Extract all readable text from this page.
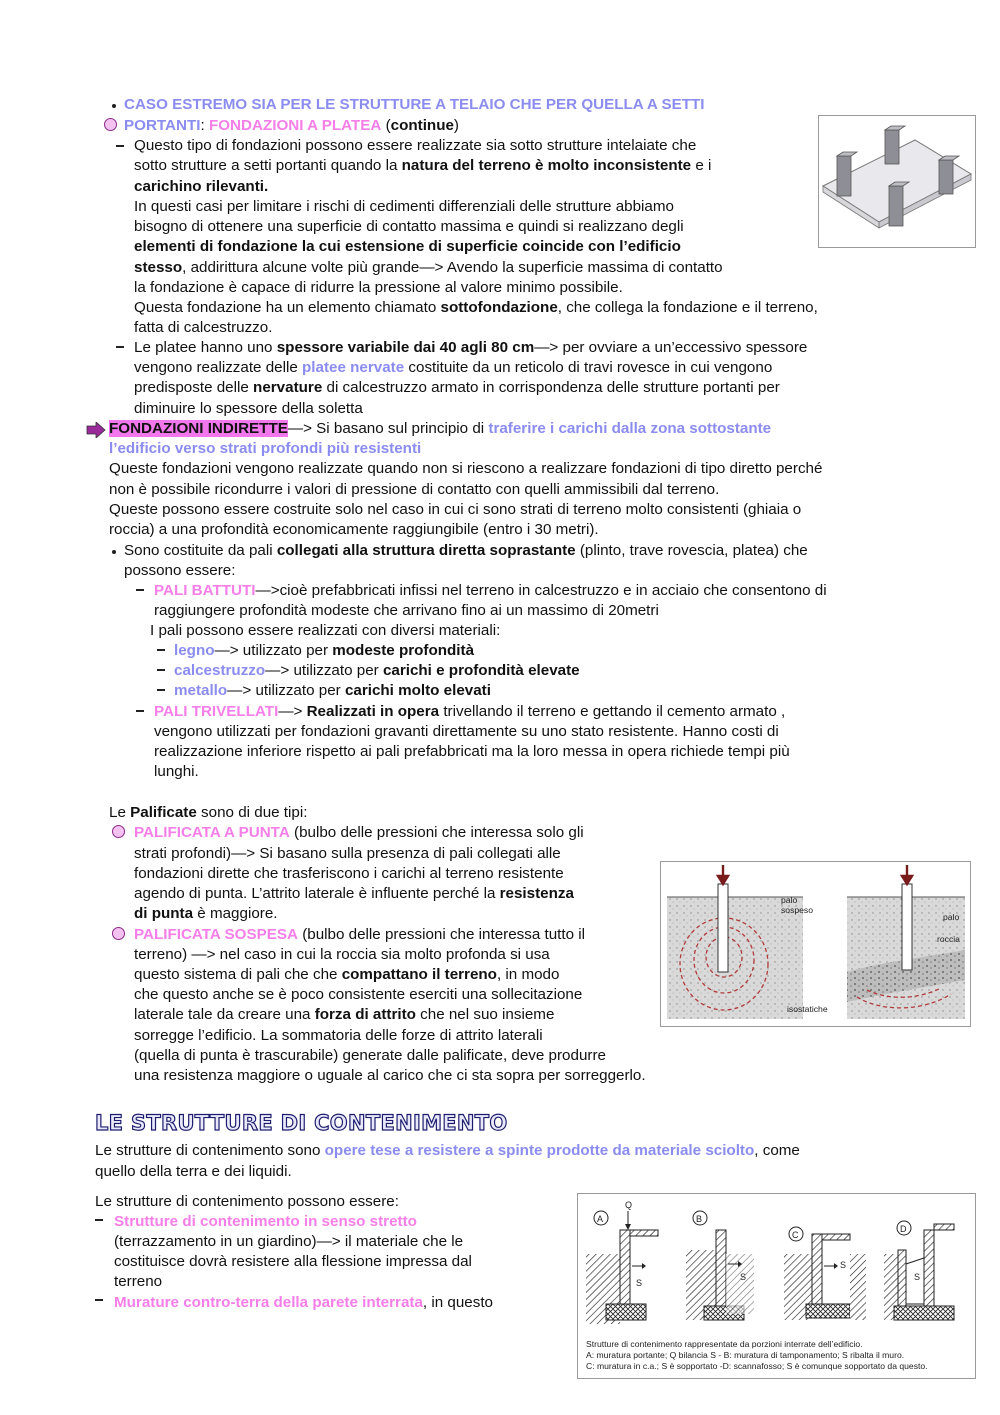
CASO ESTREMO SIA PER LE STRUTTURE A TELAIO CHE PER QUELLA A SETTI
PORTANTI: FONDAZIONI A PLATEA (continue)
Questo tipo di fondazioni possono essere realizzate sia sotto strutture intelaiate che
sotto strutture a setti portanti quando la natura del terreno è molto inconsistente e i
carichino rilevanti.
In questi casi per limitare i rischi di cedimenti differenziali delle strutture abbiamo
bisogno di ottenere una superficie di contatto massima e quindi si realizzano degli
elementi di fondazione la cui estensione di superficie coincide con l’edificio
stesso, addirittura alcune volte più grande—> Avendo la superficie massima di contatto
la fondazione è capace di ridurre la pressione al valore minimo possibile.
Questa fondazione ha un elemento chiamato sottofondazione, che collega la fondazione e il terreno,
fatta di calcestruzzo.
Le platee hanno uno spessore variabile dai 40 agli 80 cm—> per ovviare a un’eccessivo spessore
vengono realizzate delle platee nervate costituite da un reticolo di travi rovesce in cui vengono
predisposte delle nervature di calcestruzzo armato in corrispondenza delle strutture portanti per
diminuire lo spessore della soletta
FONDAZIONI INDIRETTE—> Si basano sul principio di traferire i carichi dalla zona sottostante
l’edificio verso strati profondi più resistenti
Queste fondazioni vengono realizzate quando non si riescono a realizzare fondazioni di tipo diretto perché
non è possibile ricondurre i valori di pressione di contatto con quelli ammissibili dal terreno.
Queste possono essere costruite solo nel caso in cui ci sono strati di terreno molto consistenti (ghiaia o
roccia) a una profondità economicamente raggiungibile (entro i 30 metri).
Sono costituite da pali collegati alla struttura diretta soprastante (plinto, trave rovescia, platea) che
possono essere:
PALI BATTUTI—>cioè prefabbricati infissi nel terreno in calcestruzzo e in acciaio che consentono di
raggiungere profondità modeste che arrivano fino ai un massimo di 20metri
I pali possono essere realizzati con diversi materiali:
legno—> utilizzato per modeste profondità
calcestruzzo—> utilizzato per carichi e profondità elevate
metallo—> utilizzato per carichi molto elevati
PALI TRIVELLATI—> Realizzati in opera trivellando il terreno e gettando il cemento armato ,
vengono utilizzati per fondazioni gravanti direttamente su uno stato resistente. Hanno costi di
realizzazione inferiore rispetto ai pali prefabbricati ma la loro messa in opera richiede tempi più
lunghi.
Le Palificate sono di due tipi:
PALIFICATA A PUNTA (bulbo delle pressioni che interessa solo gli
strati profondi)—> Si basano sulla presenza di pali collegati alle
fondazioni dirette che trasferiscono i carichi al terreno resistente
agendo di punta. L’attrito laterale è influente perché la resistenza
di punta è maggiore.
PALIFICATA SOSPESA (bulbo delle pressioni che interessa tutto il
terreno) —> nel caso in cui la roccia sia molto profonda si usa
questo sistema di pali che che compattano il terreno, in modo
che questo anche se è poco consistente eserciti una sollecitazione
laterale tale da creare una forza di attrito che nel suo insieme
sorregge l’edificio. La sommatoria delle forze di attrito laterali
(quella di punta è trascurabile) generate dalle palificate, deve produrre
una resistenza maggiore o uguale al carico che ci sta sopra per sorreggerlo.
palo
sospeso
palo
roccia
isostatiche
LE STRUTTURE DI CONTENIMENTO
Le strutture di contenimento sono opere tese a resistere a spinte prodotte da materiale sciolto, come
quello della terra e dei liquidi.
Le strutture di contenimento possono essere:
Strutture di contenimento in senso stretto
(terrazzamento in un giardino)—> il materiale che le
costituisce dovrà resistere alla flessione impressa dal
terreno
Murature contro-terra della parete interrata, in questo
A
Q
S
B
S
C
S
D
S
Strutture di contenimento rappresentate da porzioni interrate dell’edificio.
A: muratura portante; Q bilancia S - B: muratura di tamponamento; S ribalta il muro.
C: muratura in c.a.; S è sopportato -D: scannafosso; S è comunque sopportato da questo.
